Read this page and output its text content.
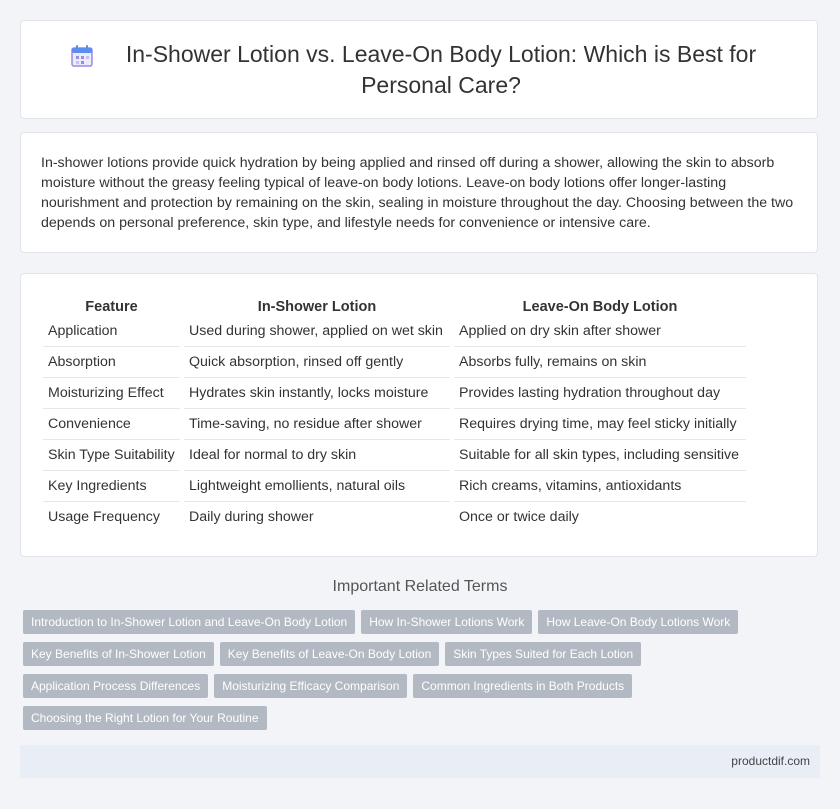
In-Shower Lotion vs. Leave-On Body Lotion: Which is Best for Personal Care?

In-shower lotions provide quick hydration by being applied and rinsed off during a shower, allowing the skin to absorb moisture without the greasy feeling typical of leave-on body lotions. Leave-on body lotions offer longer-lasting nourishment and protection by remaining on the skin, sealing in moisture throughout the day. Choosing between the two depends on personal preference, skin type, and lifestyle needs for convenience or intensive care.

Feature	In-Shower Lotion	Leave-On Body Lotion
Application	Used during shower, applied on wet skin	Applied on dry skin after shower
Absorption	Quick absorption, rinsed off gently	Absorbs fully, remains on skin
Moisturizing Effect	Hydrates skin instantly, locks moisture	Provides lasting hydration throughout day
Convenience	Time-saving, no residue after shower	Requires drying time, may feel sticky initially
Skin Type Suitability	Ideal for normal to dry skin	Suitable for all skin types, including sensitive
Key Ingredients	Lightweight emollients, natural oils	Rich creams, vitamins, antioxidants
Usage Frequency	Daily during shower	Once or twice daily
Important Related Terms
Introduction to In-Shower Lotion and Leave-On Body Lotion	How In-Shower Lotions Work	How Leave-On Body Lotions Work
Key Benefits of In-Shower Lotion	Key Benefits of Leave-On Body Lotion	Skin Types Suited for Each Lotion
Application Process Differences	Moisturizing Efficacy Comparison	Common Ingredients in Both Products
Choosing the Right Lotion for Your Routine
productdif.com
